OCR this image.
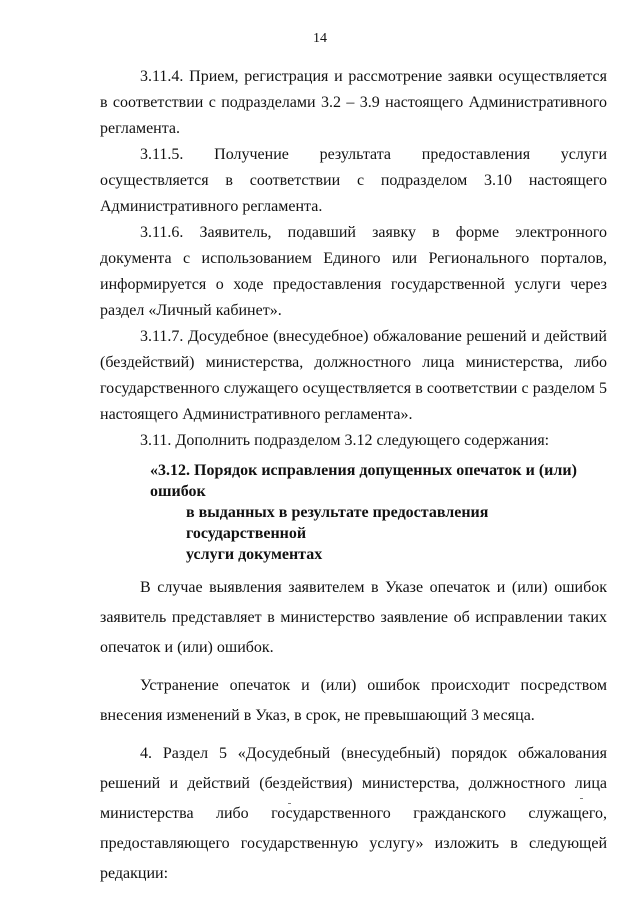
14

3.11.4. Прием, регистрация и рассмотрение заявки осуществляется в соответствии с подразделами 3.2 – 3.9 настоящего Административного регламента.

3.11.5. Получение результата предоставления услуги осуществляется в соответствии с подразделом 3.10 настоящего Административного регламента.

3.11.6. Заявитель, подавший заявку в форме электронного документа с использованием Единого или Регионального порталов, информируется о ходе предоставления государственной услуги через раздел «Личный кабинет».

3.11.7. Досудебное (внесудебное) обжалование решений и действий (бездействий) министерства, должностного лица министерства, либо государственного служащего осуществляется в соответствии с разделом 5 настоящего Административного регламента».

3.11. Дополнить подразделом 3.12 следующего содержания:

«3.12. Порядок исправления допущенных опечаток и (или) ошибок
в выданных в результате предоставления государственной
услуги документах

В случае выявления заявителем в Указе опечаток и (или) ошибок заявитель представляет в министерство заявление об исправлении таких опечаток и (или) ошибок.

Устранение опечаток и (или) ошибок происходит посредством внесения изменений в Указ, в срок, не превышающий 3 месяца.

4. Раздел 5 «Досудебный (внесудебный) порядок обжалования решений и действий (бездействия) министерства, должностного лица министерства либо государственного гражданского служащего, предоставляющего государственную услугу» изложить в следующей редакции:
